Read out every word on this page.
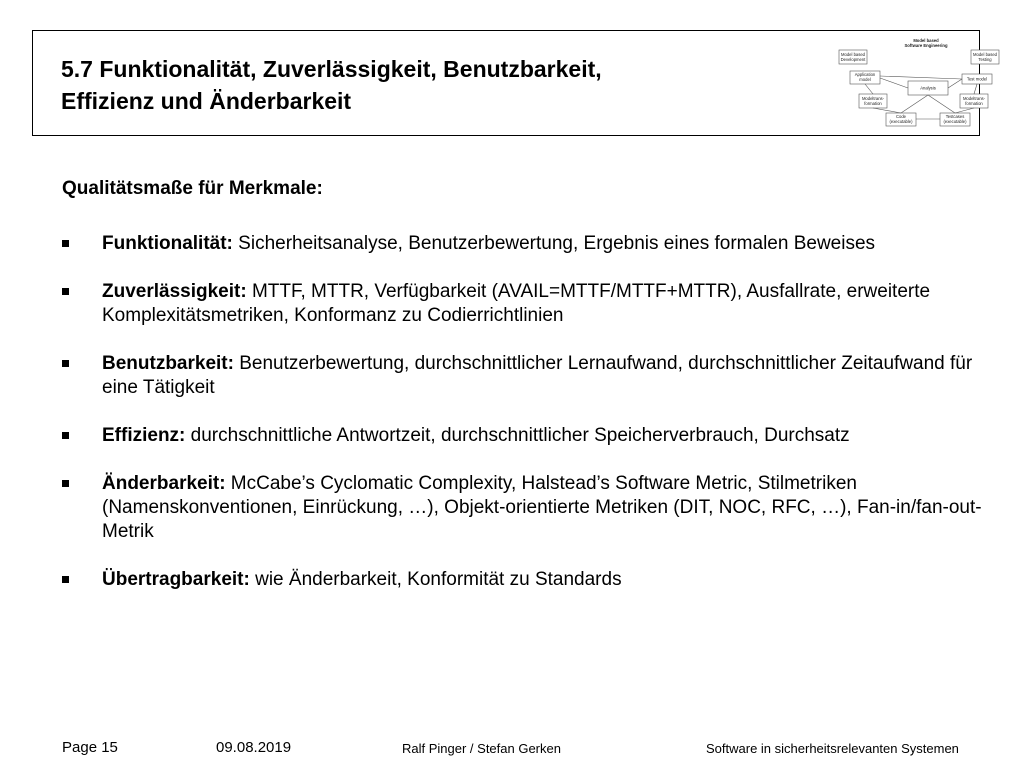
5.7 Funktionalität, Zuverlässigkeit, Benutzbarkeit,
Effizienz und Änderbarkeit
Model based
Software Engineering
Model based
Development
Model based
Testing
Application
model	Test model
Analysis
Modeltrans-
formation
Modeltrans-
formation
Code
(executable)
Testcases
(executable)
Qualitätsmaße für Merkmale:
Funktionalität: Sicherheitsanalyse, Benutzerbewertung, Ergebnis eines formalen Beweises
Zuverlässigkeit: MTTF, MTTR, Verfügbarkeit (AVAIL=MTTF/MTTF+MTTR), Ausfallrate, erweiterte Komplexitätsmetriken, Konformanz zu Codierrichtlinien
Benutzbarkeit: Benutzerbewertung, durchschnittlicher Lernaufwand, durchschnittlicher Zeitaufwand für eine Tätigkeit
Effizienz: durchschnittliche Antwortzeit, durchschnittlicher Speicherverbrauch, Durchsatz
Änderbarkeit: McCabe’s Cyclomatic Complexity, Halstead’s Software Metric, Stilmetriken (Namenskonventionen, Einrückung, …), Objekt-orientierte Metriken (DIT, NOC, RFC, …), Fan-in/fan-out-Metrik
Übertragbarkeit: wie Änderbarkeit, Konformität zu Standards
Page 15	09.08.2019	Ralf Pinger / Stefan Gerken	Software in sicherheitsrelevanten Systemen
